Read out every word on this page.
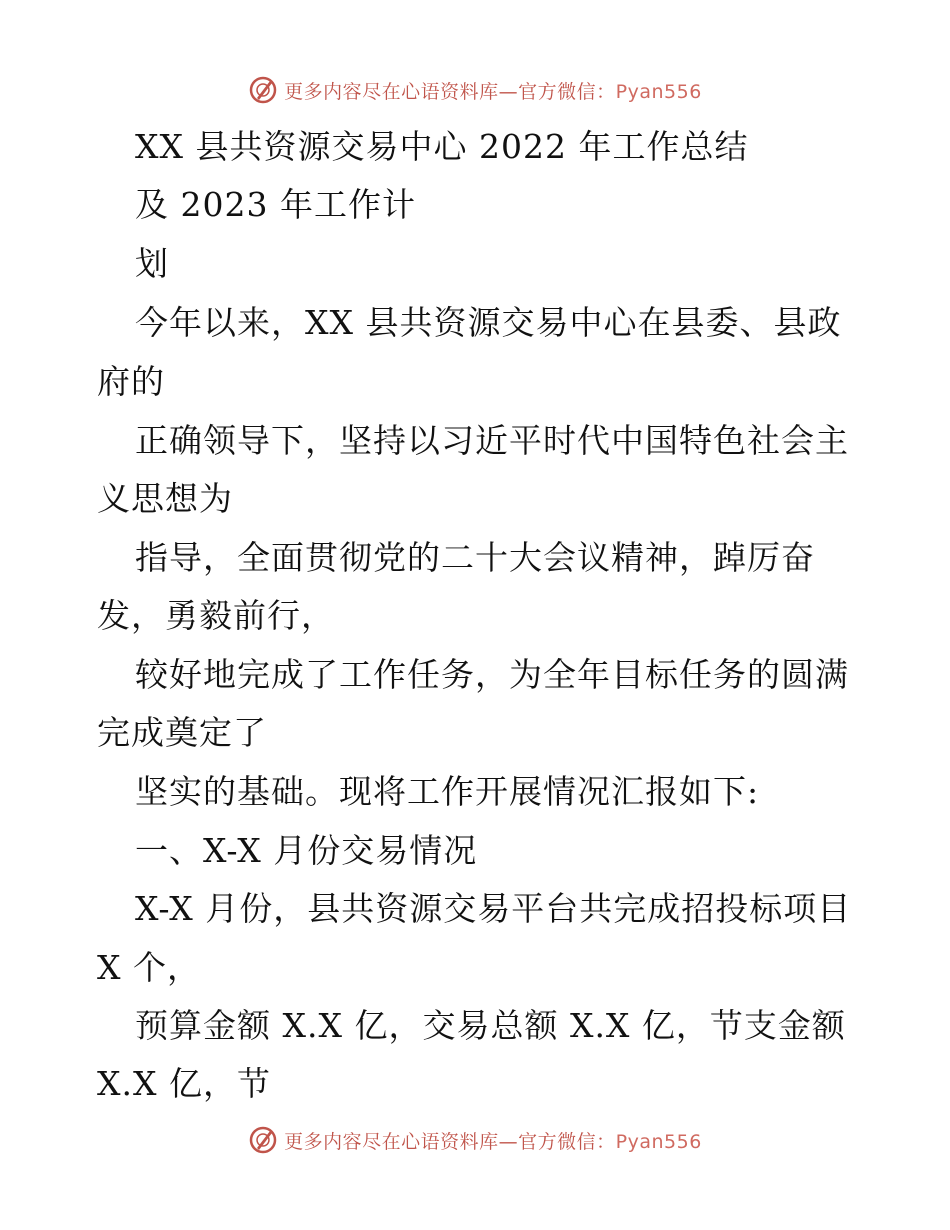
更多内容尽在心语资料库—官方微信：Pyan556

XX 县共资源交易中心 2022 年工作总结

及 2023 年工作计

划

今年以来，XX 县共资源交易中心在县委、县政

府的

正确领导下，坚持以习近平时代中国特色社会主

义思想为

指导，全面贯彻党的二十大会议精神，踔厉奋

发，勇毅前行，

较好地完成了工作任务，为全年目标任务的圆满

完成奠定了

坚实的基础。现将工作开展情况汇报如下:

一、X-X 月份交易情况

X-X 月份，县共资源交易平台共完成招投标项目

X 个，

预算金额 X.X 亿，交易总额 X.X 亿，节支金额

X.X 亿，节

更多内容尽在心语资料库—官方微信：Pyan556
